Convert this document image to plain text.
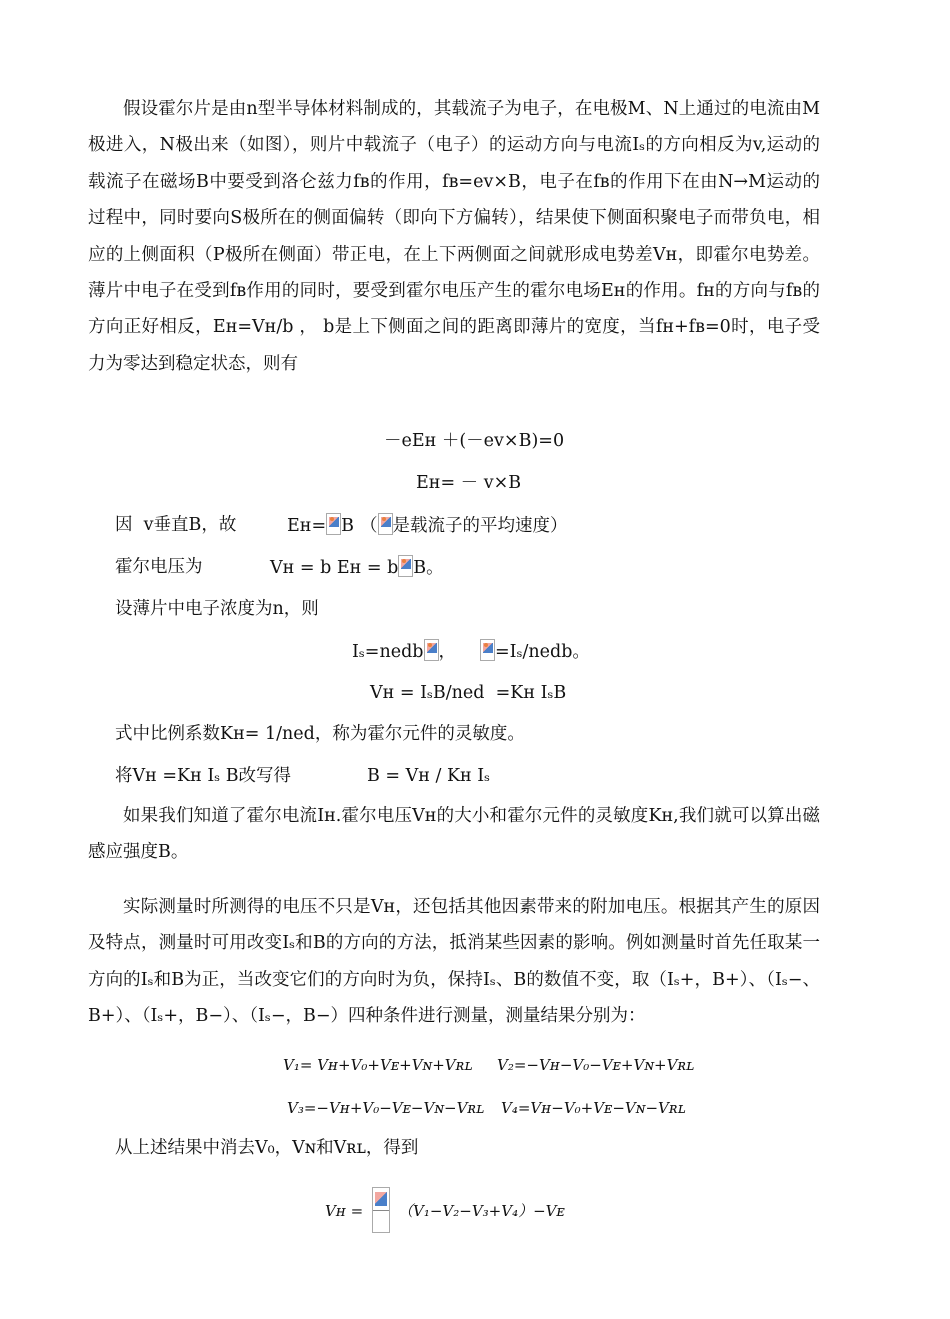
假设霍尔片是由n型半导体材料制成的，其载流子为电子，在电极M、N上通过的电流由M极进入，N极出来（如图），则片中载流子（电子）的运动方向与电流Iₛ的方向相反为v,运动的载流子在磁场B中要受到洛仑兹力fʙ的作用，fʙ=ev×B，电子在fʙ的作用下在由N→M运动的过程中，同时要向S极所在的侧面偏转（即向下方偏转），结果使下侧面积聚电子而带负电，相应的上侧面积（P极所在侧面）带正电，在上下两侧面之间就形成电势差Vʜ，即霍尔电势差。薄片中电子在受到fʙ作用的同时，要受到霍尔电压产生的霍尔电场Eʜ的作用。fʜ的方向与fʙ的方向正好相反，Eʜ=Vʜ/b ， b是上下侧面之间的距离即薄片的宽度，当fʜ+fʙ=0时，电子受力为零达到稳定状态，则有

－eEʜ ＋(－ev×B)=0
Eʜ= － v×B
因  v垂直B，故	Eʜ= B （ 是载流子的平均速度）
霍尔电压为	Vʜ = b Eʜ = b B。
设薄片中电子浓度为n，则
Iₛ=nedb ， =Iₛ/nedb。
Vʜ = IₛB/ned  =Kʜ IₛB
式中比例系数Kʜ= 1/ned，称为霍尔元件的灵敏度。
将Vʜ =Kʜ Iₛ B改写得	B = Vʜ / Kʜ Iₛ

如果我们知道了霍尔电流Iʜ.霍尔电压Vʜ的大小和霍尔元件的灵敏度Kʜ,我们就可以算出磁感应强度B。

实际测量时所测得的电压不只是Vʜ，还包括其他因素带来的附加电压。根据其产生的原因及特点，测量时可用改变Iₛ和B的方向的方法，抵消某些因素的影响。例如测量时首先任取某一方向的Iₛ和B为正，当改变它们的方向时为负，保持Iₛ、B的数值不变，取（Iₛ+，B+）、（Iₛ−、B+）、（Iₛ+，B−）、（Iₛ−，B−）四种条件进行测量，测量结果分别为：

V₁= Vʜ+V₀+Vᴇ+Vɴ+Vʀʟ V₂=−Vʜ−V₀−Vᴇ+Vɴ+Vʀʟ
V₃=−Vʜ+V₀−Vᴇ−Vɴ−Vʀʟ V₄=Vʜ−V₀+Vᴇ−Vɴ−Vʀʟ
从上述结果中消去V₀，Vɴ和Vʀʟ，得到
Vʜ = （V₁−V₂−V₃+V₄）−Vᴇ
